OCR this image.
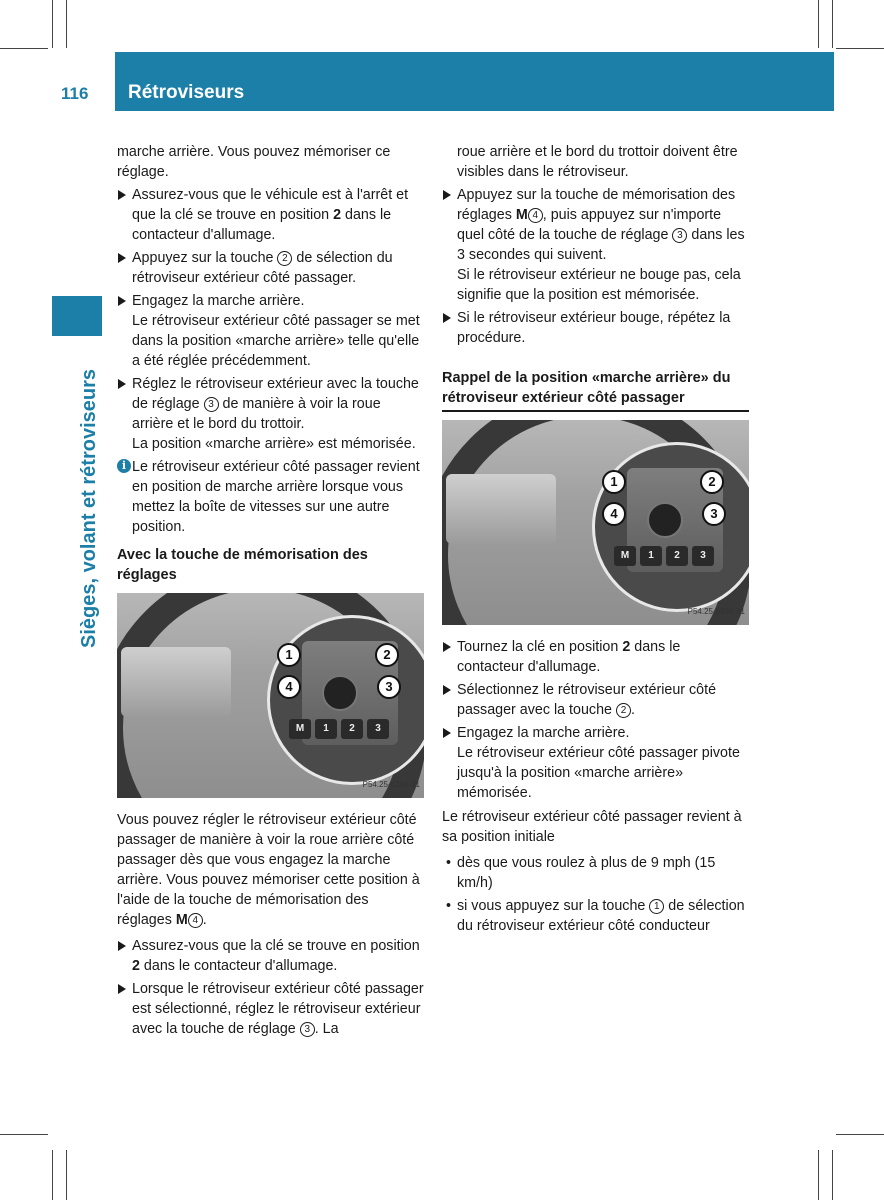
116 Rétroviseurs
Sièges, volant et rétroviseurs

marche arrière. Vous pouvez mémoriser ce réglage.

Assurez-vous que le véhicule est à l'arrêt et que la clé se trouve en position 2 dans le contacteur d'allumage.
Appuyez sur la touche 2 de sélection du rétroviseur extérieur côté passager.
Engagez la marche arrière.
Le rétroviseur extérieur côté passager se met dans la position «marche arrière» telle qu'elle a été réglée précédemment.
Réglez le rétroviseur extérieur avec la touche de réglage 3 de manière à voir la roue arrière et le bord du trottoir.
La position «marche arrière» est mémorisée.
i Le rétroviseur extérieur côté passager revient en position de marche arrière lorsque vous mettez la boîte de vitesses sur une autre position.
Avec la touche de mémorisation des réglages
M	1	2	3
1	2
3
4
P54.25-8394-31

Vous pouvez régler le rétroviseur extérieur côté passager de manière à voir la roue arrière côté passager dès que vous engagez la marche arrière. Vous pouvez mémoriser cette position à l'aide de la touche de mémorisation des réglages M 4 .

Assurez-vous que la clé se trouve en position 2 dans le contacteur d'allumage.
Lorsque le rétroviseur extérieur côté passager est sélectionné, réglez le rétroviseur extérieur avec la touche de réglage 3 . La

roue arrière et le bord du trottoir doivent être visibles dans le rétroviseur.

Appuyez sur la touche de mémorisation des réglages M 4 , puis appuyez sur n'importe quel côté de la touche de réglage 3 dans les 3 secondes qui suivent.
Si le rétroviseur extérieur ne bouge pas, cela signifie que la position est mémorisée.
Si le rétroviseur extérieur bouge, répétez la procédure.
Rappel de la position «marche arrière» du rétroviseur extérieur côté passager
M	1	2	3
1	2
3
4
P54.25-8394-31
Tournez la clé en position 2 dans le contacteur d'allumage.
Sélectionnez le rétroviseur extérieur côté passager avec la touche 2 .
Engagez la marche arrière.
Le rétroviseur extérieur côté passager pivote jusqu'à la position «marche arrière» mémorisée.

Le rétroviseur extérieur côté passager revient à sa position initiale

• dès que vous roulez à plus de 9 mph (15 km/h)
• si vous appuyez sur la touche 1 de sélection du rétroviseur extérieur côté conducteur
